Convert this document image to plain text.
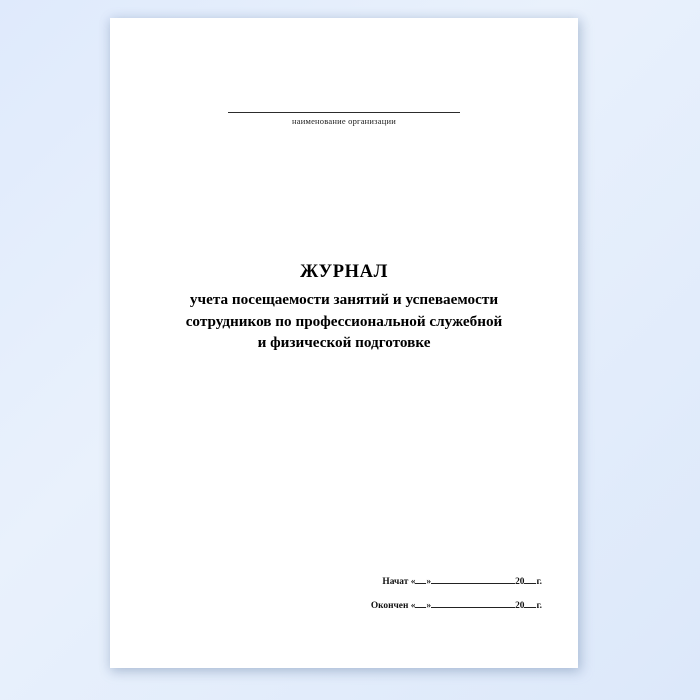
наименование организации
ЖУРНАЛ
учета посещаемости занятий и успеваемости
сотрудников по профессиональной служебной
и физической подготовке
Начат « »	20 г.
Окончен « »	20 г.
